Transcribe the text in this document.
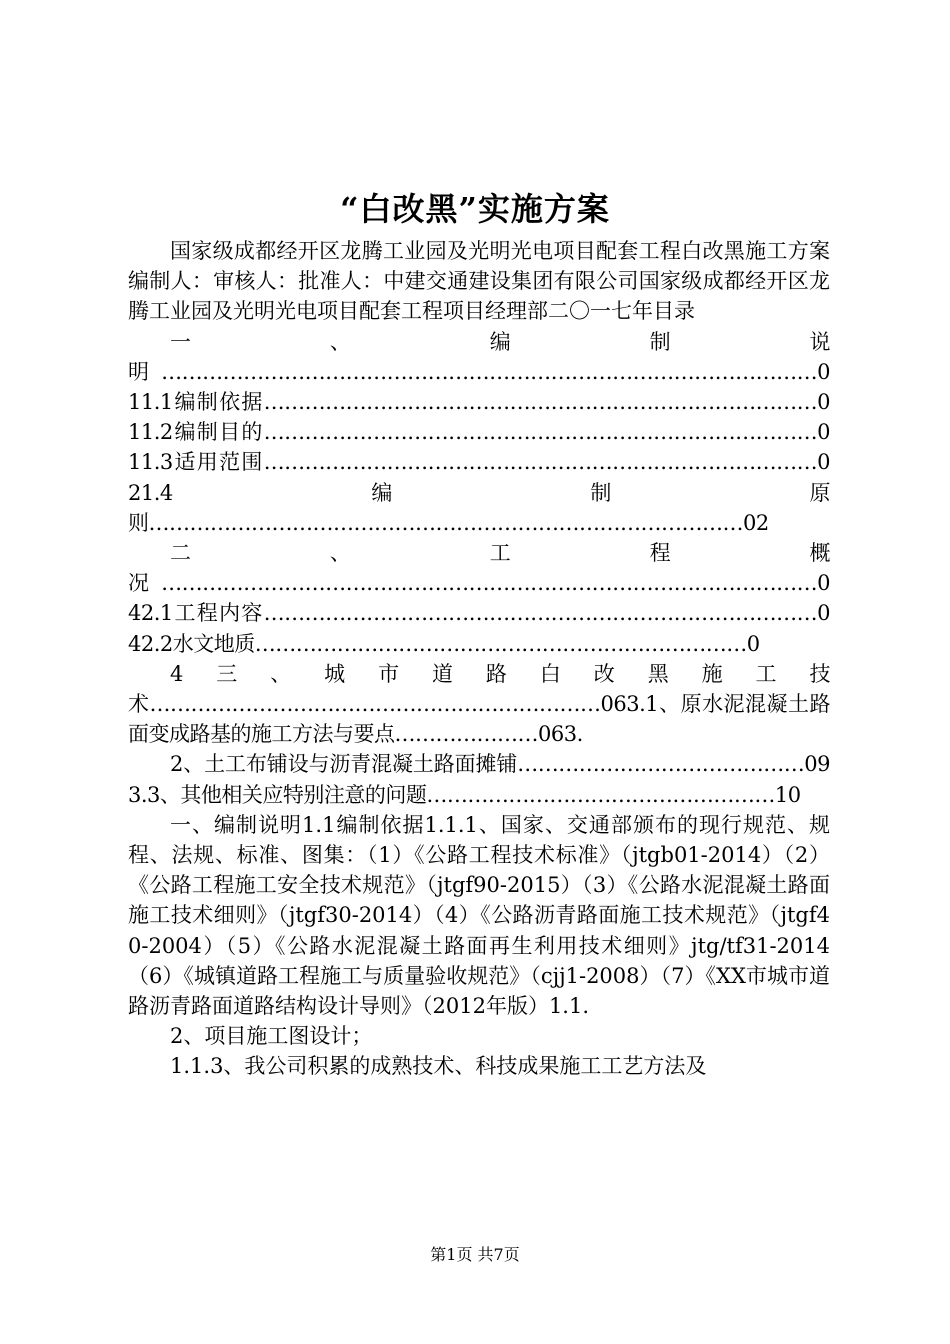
“白改黑”实施方案

国家级成都经开区龙腾工业园及光明光电项目配套工程白改黑施工方案编制人：审核人：批准人：中建交通建设集团有限公司国家级成都经开区龙腾工业园及光明光电项目配套工程项目经理部二〇一七年目录

一、编制说明……………………………………………………………………………………011.1编制依据………………………………………………………………………011.2编制目的………………………………………………………………………011.3适用范围………………………………………………………………………021.4编制原则……………………………………………………………………………02

二、工程概况……………………………………………………………………………………042.1工程内容………………………………………………………………………042.2水文地质………………………………………………………………0

4三、城市道路白改黑施工技术…………………………………………………………063.1、原水泥混凝土路面变成路基的施工方法与要点…………………063.

2、土工布铺设与沥青混凝土路面摊铺……………………………………093.3、其他相关应特别注意的问题……………………………………………10

一、编制说明1.1编制依据1.1.1、国家、交通部颁布的现行规范、规程、法规、标准、图集：（1）《公路工程技术标准》（jtgb01-2014）（2）《公路工程施工安全技术规范》（jtgf90-2015）（3）《公路水泥混凝土路面施工技术细则》（jtgf30-2014）（4）《公路沥青路面施工技术规范》（jtgf40-2004）（5）《公路水泥混凝土路面再生利用技术细则》jtg/tf31-2014（6）《城镇道路工程施工与质量验收规范》（cjj1-2008）（7）《XX市城市道路沥青路面道路结构设计导则》（2012年版）1.1.

2、项目施工图设计；

1.1.3、我公司积累的成熟技术、科技成果施工工艺方法及

第1页 共7页
